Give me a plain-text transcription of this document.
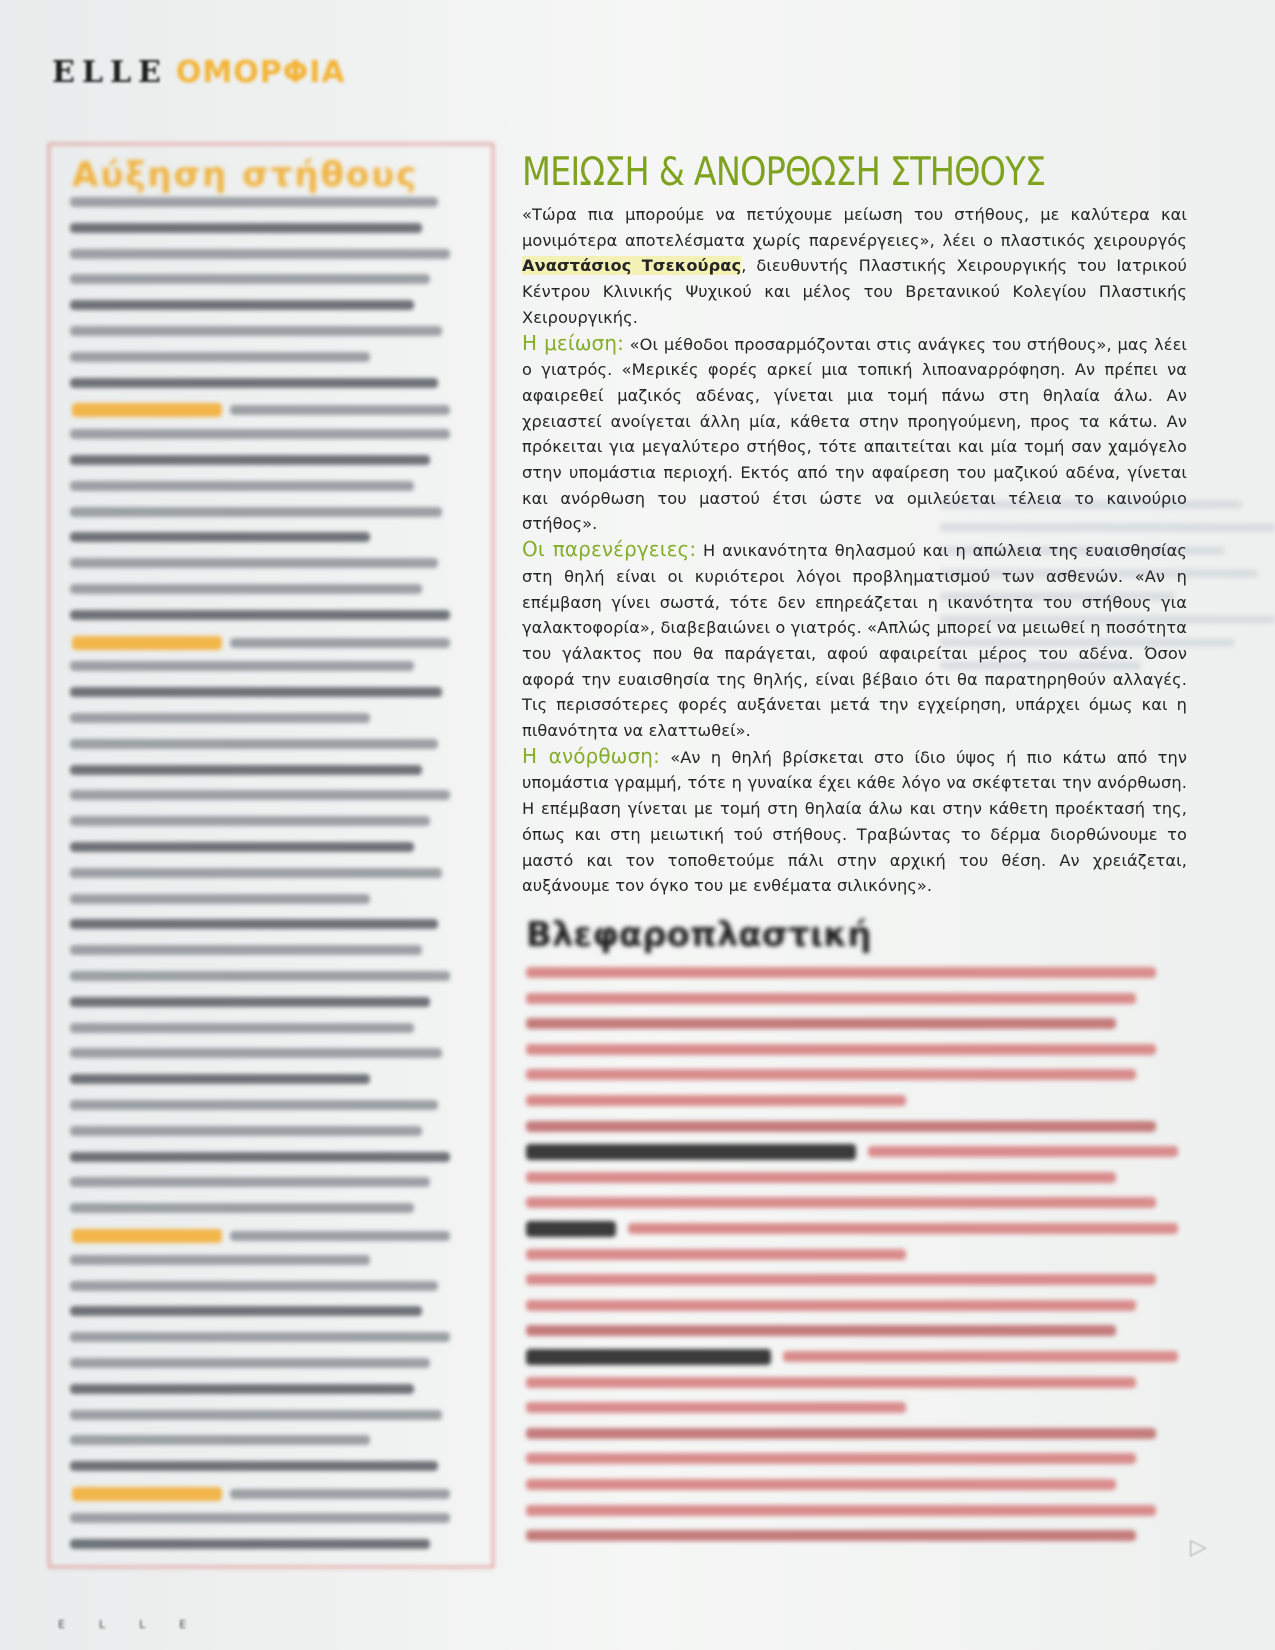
ELLE ΟΜΟΡΦΙΑ
Αύξηση στήθους	ΜΕΙΩΣΗ & ΑΝΟΡΘΩΣΗ ΣΤΗΘΟΥΣ

«Τώρα πια μπορούμε να πετύχουμε μείωση του στήθους, με καλύτερα και μονιμότερα αποτελέσματα χωρίς παρενέργειες», λέει ο πλαστικός χειρουργός Αναστάσιος Τσεκούρας, διευθυντής Πλαστικής Χειρουργικής του Ιατρικού Κέντρου Κλινικής Ψυχικού και μέλος του Βρετανικού Κολεγίου Πλαστικής Χειρουργικής.

Η μείωση: «Οι μέθοδοι προσαρμόζονται στις ανάγκες του στήθους», μας λέει ο γιατρός. «Μερικές φορές αρκεί μια τοπική λιποαναρρόφηση. Αν πρέπει να αφαιρεθεί μαζικός αδένας, γίνεται μια τομή πάνω στη θηλαία άλω. Αν χρειαστεί ανοίγεται άλλη μία, κάθετα στην προηγούμενη, προς τα κάτω. Αν πρόκειται για μεγαλύτερο στήθος, τότε απαιτείται και μία τομή σαν χαμόγελο στην υπομάστια περιοχή. Εκτός από την αφαίρεση του μαζικού αδένα, γίνεται και ανόρθωση του μαστού έτσι ώστε να ομιλεύεται τέλεια το καινούριο στήθος».

Οι παρενέργειες: Η ανικανότητα θηλασμού και η απώλεια της ευαισθησίας στη θηλή είναι οι κυριότεροι λόγοι προβληματισμού των ασθενών. «Αν η επέμβαση γίνει σωστά, τότε δεν επηρεάζεται η ικανότητα του στήθους για γαλακτοφορία», διαβεβαιώνει ο γιατρός. «Απλώς μπορεί να μειωθεί η ποσότητα του γάλακτος που θα παράγεται, αφού αφαιρείται μέρος του αδένα. Όσον αφορά την ευαισθησία της θηλής, είναι βέβαιο ότι θα παρατηρηθούν αλλαγές. Τις περισσότερες φορές αυξάνεται μετά την εγχείρηση, υπάρχει όμως και η πιθανότητα να ελαττωθεί».

Η ανόρθωση: «Αν η θηλή βρίσκεται στο ίδιο ύψος ή πιο κάτω από την υπομάστια γραμμή, τότε η γυναίκα έχει κάθε λόγο να σκέφτεται την ανόρθωση. Η επέμβαση γίνεται με τομή στη θηλαία άλω και στην κάθετη προέκτασή της, όπως και στη μειωτική τού στήθους. Τραβώντας το δέρμα διορθώνουμε το μαστό και τον τοποθετούμε πάλι στην αρχική του θέση. Αν χρειάζεται, αυξάνουμε τον όγκο του με ενθέματα σιλικόνης».

Βλεφαροπλαστική
▷
ELLE
